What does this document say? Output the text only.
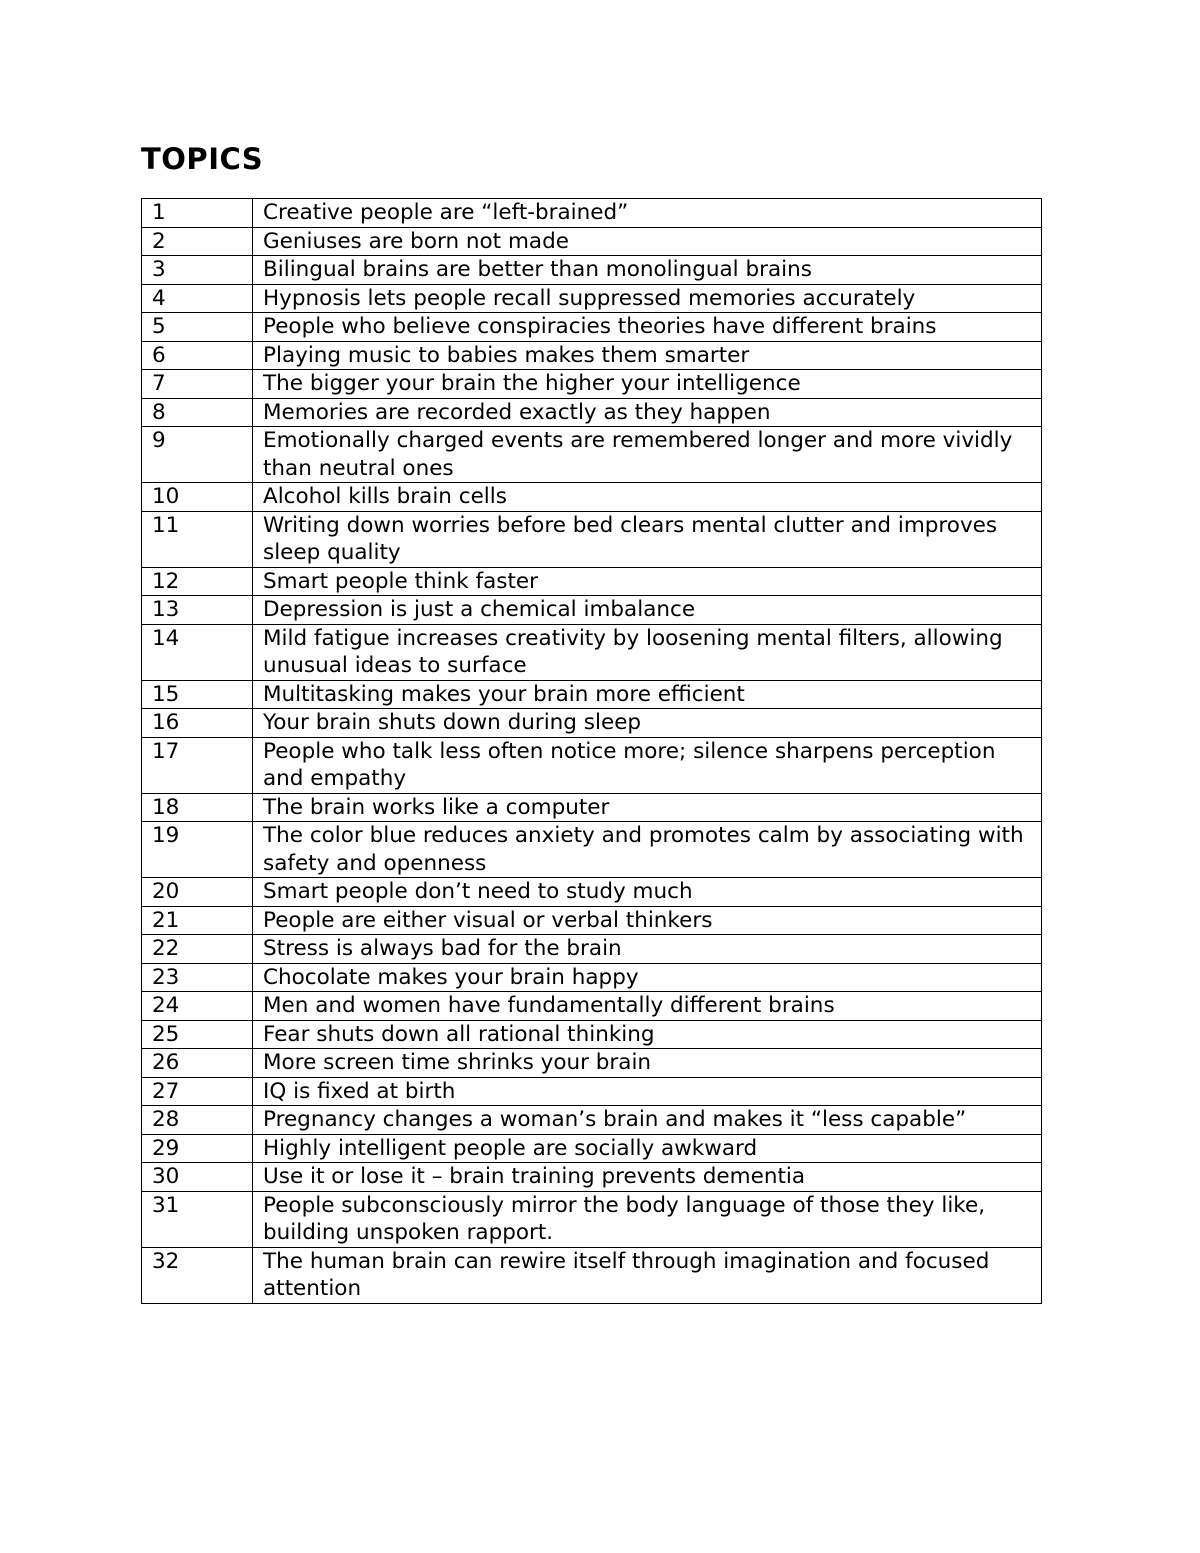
TOPICS
1	Creative people are “left-brained”
2	Geniuses are born not made
3	Bilingual brains are better than monolingual brains
4	Hypnosis lets people recall suppressed memories accurately
5	People who believe conspiracies theories have different brains
6	Playing music to babies makes them smarter
7	The bigger your brain the higher your intelligence
8	Memories are recorded exactly as they happen
9	Emotionally charged events are remembered longer and more vividly than neutral ones
10	Alcohol kills brain cells
11	Writing down worries before bed clears mental clutter and improves sleep quality
12	Smart people think faster
13	Depression is just a chemical imbalance
14	Mild fatigue increases creativity by loosening mental filters, allowing unusual ideas to surface
15	Multitasking makes your brain more efficient
16	Your brain shuts down during sleep
17	People who talk less often notice more; silence sharpens perception and empathy
18	The brain works like a computer
19	The color blue reduces anxiety and promotes calm by associating with safety and openness
20	Smart people don’t need to study much
21	People are either visual or verbal thinkers
22	Stress is always bad for the brain
23	Chocolate makes your brain happy
24	Men and women have fundamentally different brains
25	Fear shuts down all rational thinking
26	More screen time shrinks your brain
27	IQ is fixed at birth
28	Pregnancy changes a woman’s brain and makes it “less capable”
29	Highly intelligent people are socially awkward
30	Use it or lose it – brain training prevents dementia
31	People subconsciously mirror the body language of those they like, building unspoken rapport.
32	The human brain can rewire itself through imagination and focused attention
